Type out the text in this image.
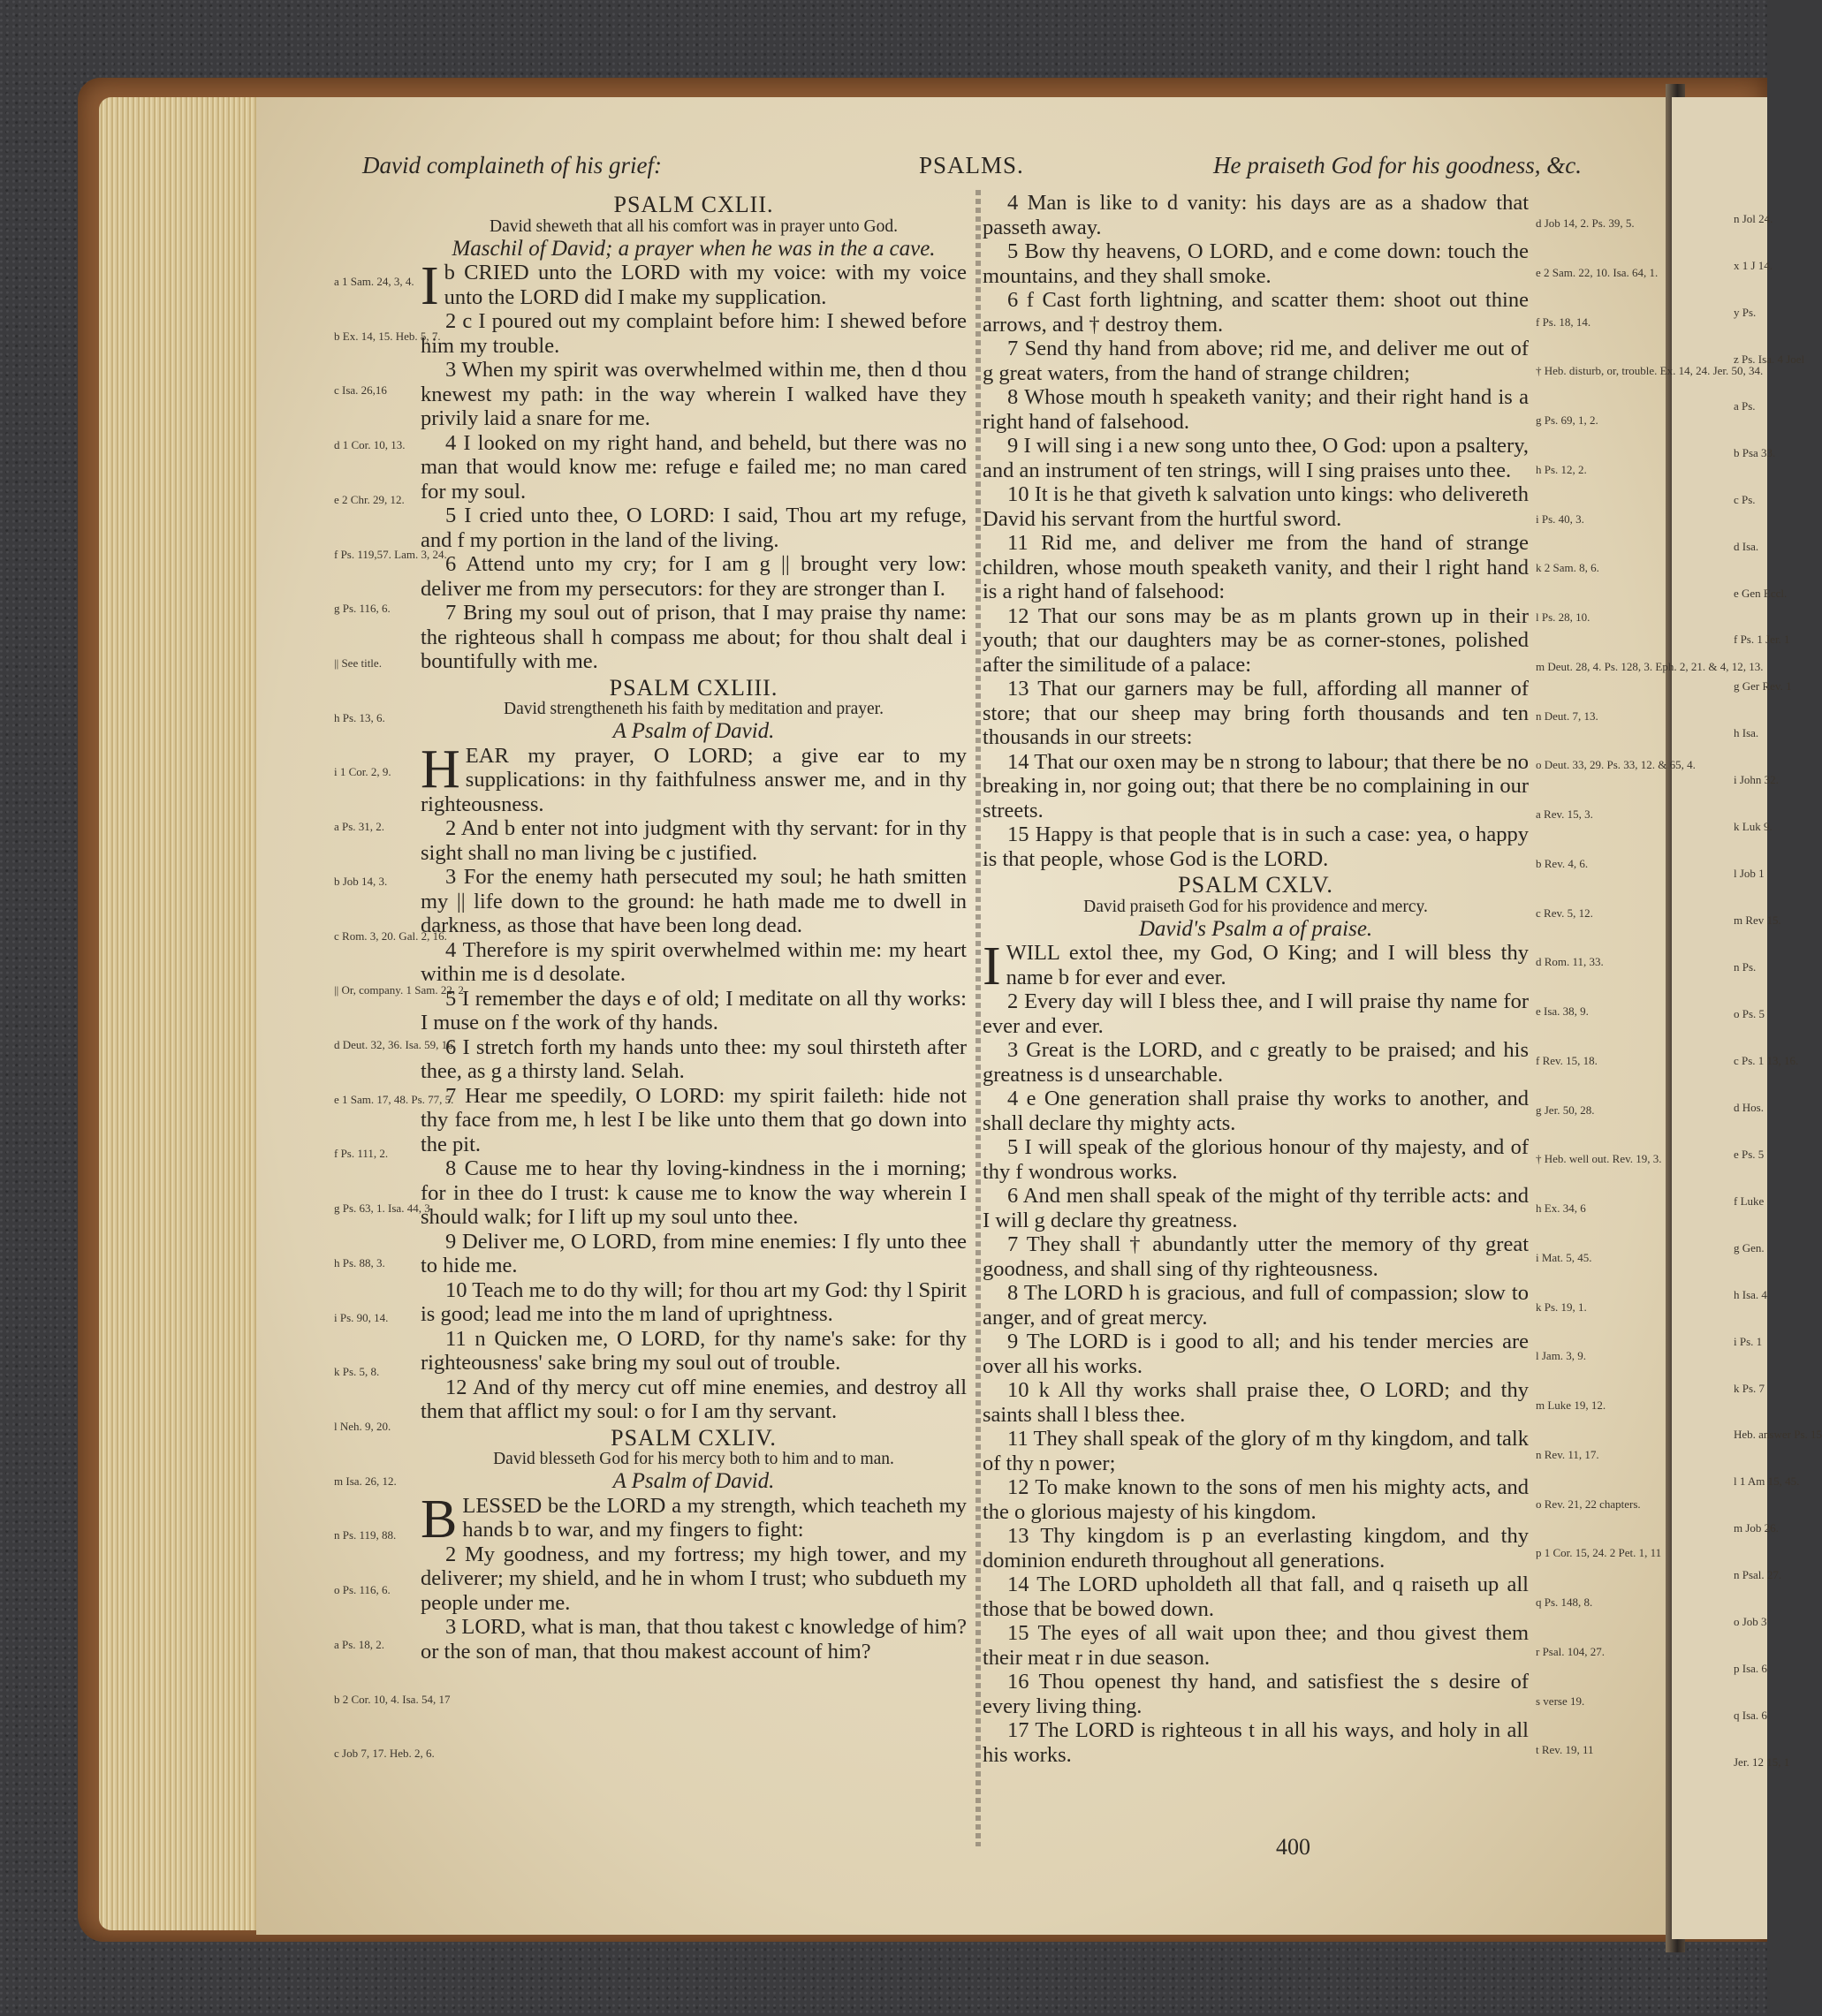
n Jol 24.
x 1 J 14.
y Ps.
z Ps. Isa. 4 Joel
a Ps.
b Psa 33.
c Ps.
d Isa.
e Gen Eccl.
f Ps. 1 Jer. 1
g Ger Rev. 1
h Isa.
i John 32.
k Luk 9.
l Job 1
m Rev 15.
n Ps.
o Ps. 5
c Ps. 1 13, 16.
d Hos.
e Ps. 5
f Luke
g Gen.
h Isa. 4
i Ps. 1
k Ps. 7
Heb. answer Ps. 15
l 1 Am 15, 45.
m Job 26.
n Psal. 27.
o Job 3
p Isa. 6
q Isa. 6
Jer. 12 15, 1
David complaineth of his grief:	PSALMS.	He praiseth God for his goodness, &c.

PSALM CXLII.

David sheweth that all his comfort was in prayer unto God.

Maschil of David; a prayer when he was in the a cave.

Ib CRIED unto the LORD with my voice: with my voice unto the LORD did I make my supplication.

2 c I poured out my complaint before him: I shewed before him my trouble.

3 When my spirit was overwhelmed within me, then d thou knewest my path: in the way wherein I walked have they privily laid a snare for me.

4 I looked on my right hand, and beheld, but there was no man that would know me: refuge e failed me; no man cared for my soul.

5 I cried unto thee, O LORD: I said, Thou art my refuge, and f my portion in the land of the living.

6 Attend unto my cry; for I am g || brought very low: deliver me from my persecutors: for they are stronger than I.

7 Bring my soul out of prison, that I may praise thy name: the righteous shall h compass me about; for thou shalt deal i bountifully with me.

PSALM CXLIII.

David strengtheneth his faith by meditation and prayer.

A Psalm of David.

HEAR my prayer, O LORD; a give ear to my supplications: in thy faithfulness answer me, and in thy righteousness.

2 And b enter not into judgment with thy servant: for in thy sight shall no man living be c justified.

3 For the enemy hath persecuted my soul; he hath smitten my || life down to the ground: he hath made me to dwell in darkness, as those that have been long dead.

4 Therefore is my spirit overwhelmed within me: my heart within me is d desolate.

5 I remember the days e of old; I meditate on all thy works: I muse on f the work of thy hands.

6 I stretch forth my hands unto thee: my soul thirsteth after thee, as g a thirsty land. Selah.

7 Hear me speedily, O LORD: my spirit faileth: hide not thy face from me, h lest I be like unto them that go down into the pit.

8 Cause me to hear thy loving-kindness in the i morning; for in thee do I trust: k cause me to know the way wherein I should walk; for I lift up my soul unto thee.

9 Deliver me, O LORD, from mine enemies: I fly unto thee to hide me.

10 Teach me to do thy will; for thou art my God: thy l Spirit is good; lead me into the m land of uprightness.

11 n Quicken me, O LORD, for thy name's sake: for thy righteousness' sake bring my soul out of trouble.

12 And of thy mercy cut off mine enemies, and destroy all them that afflict my soul: o for I am thy servant.

PSALM CXLIV.

David blesseth God for his mercy both to him and to man.

A Psalm of David.

BLESSED be the LORD a my strength, which teacheth my hands b to war, and my fingers to fight:

2 My goodness, and my fortress; my high tower, and my deliverer; my shield, and he in whom I trust; who subdueth my people under me.

3 LORD, what is man, that thou takest c knowledge of him? or the son of man, that thou makest account of him?

4 Man is like to d vanity: his days are as a shadow that passeth away.

5 Bow thy heavens, O LORD, and e come down: touch the mountains, and they shall smoke.

6 f Cast forth lightning, and scatter them: shoot out thine arrows, and † destroy them.

7 Send thy hand from above; rid me, and deliver me out of g great waters, from the hand of strange children;

8 Whose mouth h speaketh vanity; and their right hand is a right hand of falsehood.

9 I will sing i a new song unto thee, O God: upon a psaltery, and an instrument of ten strings, will I sing praises unto thee.

10 It is he that giveth k salvation unto kings: who delivereth David his servant from the hurtful sword.

11 Rid me, and deliver me from the hand of strange children, whose mouth speaketh vanity, and their l right hand is a right hand of falsehood:

12 That our sons may be as m plants grown up in their youth; that our daughters may be as corner-stones, polished after the similitude of a palace:

13 That our garners may be full, affording all manner of store; that our sheep may bring forth thousands and ten thousands in our streets:

14 That our oxen may be n strong to labour; that there be no breaking in, nor going out; that there be no complaining in our streets.

15 Happy is that people that is in such a case: yea, o happy is that people, whose God is the LORD.

PSALM CXLV.

David praiseth God for his providence and mercy.

David's Psalm a of praise.

IWILL extol thee, my God, O King; and I will bless thy name b for ever and ever.

2 Every day will I bless thee, and I will praise thy name for ever and ever.

3 Great is the LORD, and c greatly to be praised; and his greatness is d unsearchable.

4 e One generation shall praise thy works to another, and shall declare thy mighty acts.

5 I will speak of the glorious honour of thy majesty, and of thy f wondrous works.

6 And men shall speak of the might of thy terrible acts: and I will g declare thy greatness.

7 They shall † abundantly utter the memory of thy great goodness, and shall sing of thy righteousness.

8 The LORD h is gracious, and full of compassion; slow to anger, and of great mercy.

9 The LORD is i good to all; and his tender mercies are over all his works.

10 k All thy works shall praise thee, O LORD; and thy saints shall l bless thee.

11 They shall speak of the glory of m thy kingdom, and talk of thy n power;

12 To make known to the sons of men his mighty acts, and the o glorious majesty of his kingdom.

13 Thy kingdom is p an everlasting kingdom, and thy dominion endureth throughout all generations.

14 The LORD upholdeth all that fall, and q raiseth up all those that be bowed down.

15 The eyes of all wait upon thee; and thou givest them their meat r in due season.

16 Thou openest thy hand, and satisfiest the s desire of every living thing.

17 The LORD is righteous t in all his ways, and holy in all his works.

a 1 Sam. 24, 3, 4.
b Ex. 14, 15. Heb. 5, 7.
c Isa. 26,16
d 1 Cor. 10, 13.
e 2 Chr. 29, 12.
f Ps. 119,57. Lam. 3, 24.
g Ps. 116, 6.
|| See title.
h Ps. 13, 6.
i 1 Cor. 2, 9.
a Ps. 31, 2.
b Job 14, 3.
c Rom. 3, 20. Gal. 2, 16.
|| Or, company. 1 Sam. 22, 2.
d Deut. 32, 36. Isa. 59, 16.
e 1 Sam. 17, 48. Ps. 77, 5.
f Ps. 111, 2.
g Ps. 63, 1. Isa. 44, 3.
h Ps. 88, 3.
i Ps. 90, 14.
k Ps. 5, 8.
l Neh. 9, 20.
m Isa. 26, 12.
n Ps. 119, 88.
o Ps. 116, 6.
a Ps. 18, 2.
b 2 Cor. 10, 4. Isa. 54, 17
c Job 7, 17. Heb. 2, 6.
d Job 14, 2. Ps. 39, 5.
e 2 Sam. 22, 10. Isa. 64, 1.
f Ps. 18, 14.
† Heb. disturb, or, trouble. Ex. 14, 24. Jer. 50, 34.
g Ps. 69, 1, 2.
h Ps. 12, 2.
i Ps. 40, 3.
k 2 Sam. 8, 6.
l Ps. 28, 10.
m Deut. 28, 4. Ps. 128, 3. Eph. 2, 21. & 4, 12, 13.
n Deut. 7, 13.
o Deut. 33, 29. Ps. 33, 12. & 65, 4.
a Rev. 15, 3.
b Rev. 4, 6.
c Rev. 5, 12.
d Rom. 11, 33.
e Isa. 38, 9.
f Rev. 15, 18.
g Jer. 50, 28.
† Heb. well out. Rev. 19, 3.
h Ex. 34, 6
i Mat. 5, 45.
k Ps. 19, 1.
l Jam. 3, 9.
m Luke 19, 12.
n Rev. 11, 17.
o Rev. 21, 22 chapters.
p 1 Cor. 15, 24. 2 Pet. 1, 11
q Ps. 148, 8.
r Psal. 104, 27.
s verse 19.
t Rev. 19, 11
400
